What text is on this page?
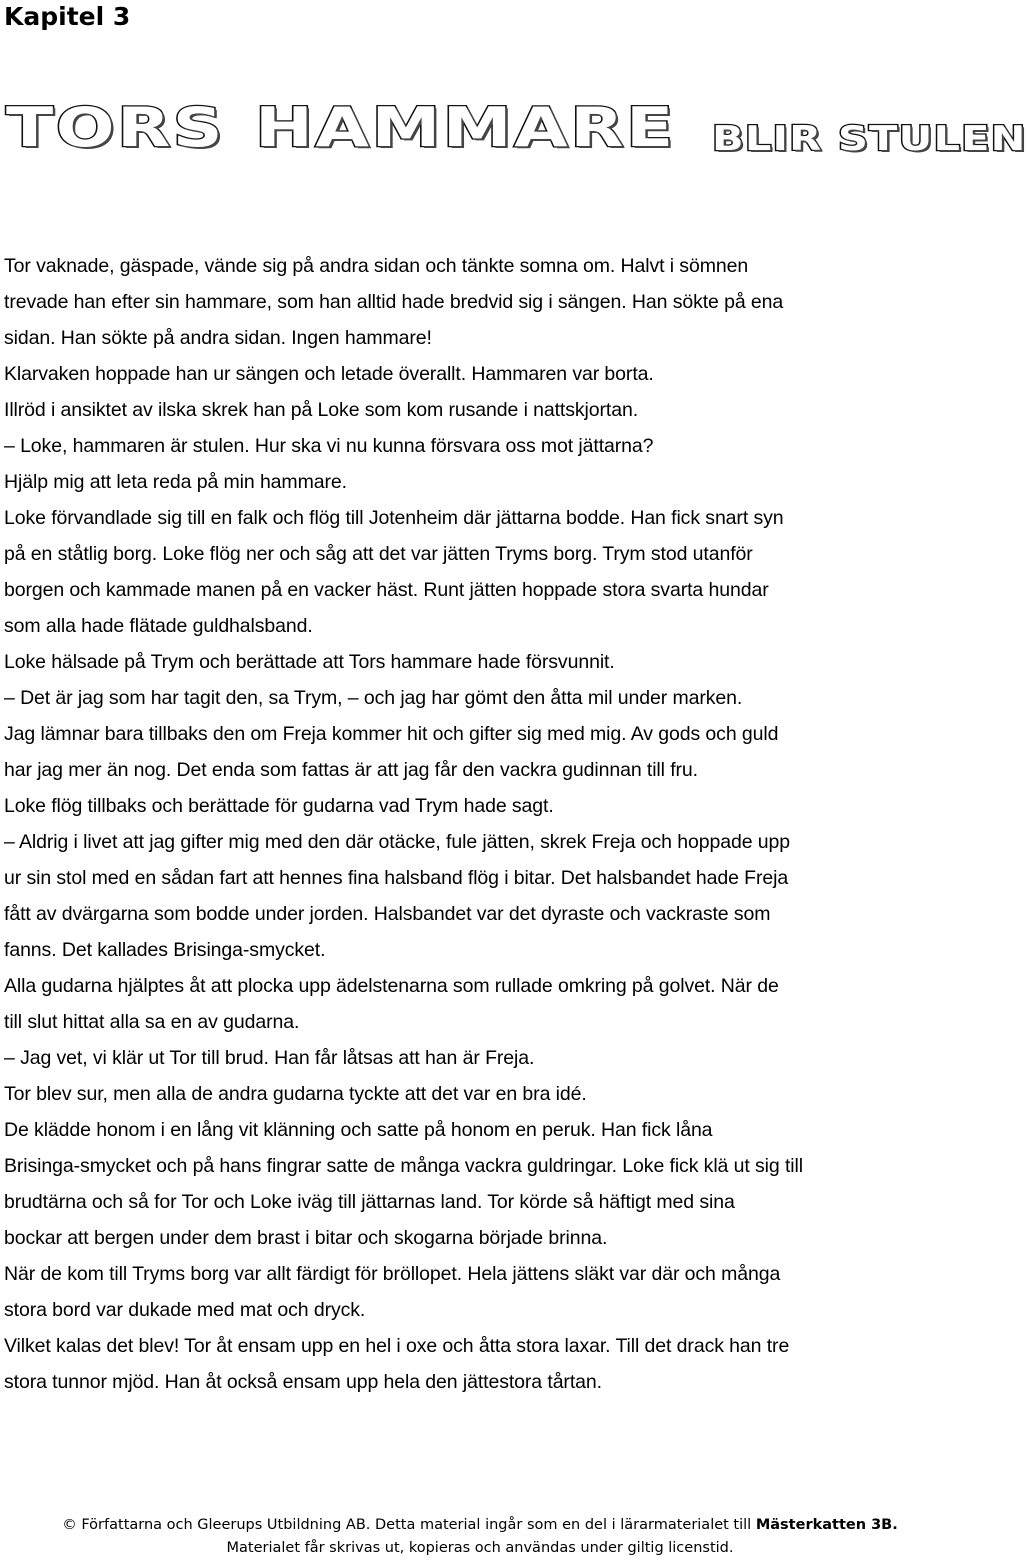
Kapitel 3
TORS HAMMARE BLIR STULEN

Tor vaknade, gäspade, vände sig på andra sidan och tänkte somna om. Halvt i sömnen

trevade han efter sin hammare, som han alltid hade bredvid sig i sängen. Han sökte på ena

sidan. Han sökte på andra sidan. Ingen hammare!

Klarvaken hoppade han ur sängen och letade överallt. Hammaren var borta.

Illröd i ansiktet av ilska skrek han på Loke som kom rusande i nattskjortan.

– Loke, hammaren är stulen. Hur ska vi nu kunna försvara oss mot jättarna?

Hjälp mig att leta reda på min hammare.

Loke förvandlade sig till en falk och flög till Jotenheim där jättarna bodde. Han fick snart syn

på en ståtlig borg. Loke flög ner och såg att det var jätten Tryms borg. Trym stod utanför

borgen och kammade manen på en vacker häst. Runt jätten hoppade stora svarta hundar

som alla hade flätade guldhalsband.

Loke hälsade på Trym och berättade att Tors hammare hade försvunnit.

– Det är jag som har tagit den, sa Trym, – och jag har gömt den åtta mil under marken.

Jag lämnar bara tillbaks den om Freja kommer hit och gifter sig med mig. Av gods och guld

har jag mer än nog. Det enda som fattas är att jag får den vackra gudinnan till fru.

Loke flög tillbaks och berättade för gudarna vad Trym hade sagt.

– Aldrig i livet att jag gifter mig med den där otäcke, fule jätten, skrek Freja och hoppade upp

ur sin stol med en sådan fart att hennes fina halsband flög i bitar. Det halsbandet hade Freja

fått av dvärgarna som bodde under jorden. Halsbandet var det dyraste och vackraste som

fanns. Det kallades Brisinga-smycket.

Alla gudarna hjälptes åt att plocka upp ädelstenarna som rullade omkring på golvet. När de

till slut hittat alla sa en av gudarna.

– Jag vet, vi klär ut Tor till brud. Han får låtsas att han är Freja.

Tor blev sur, men alla de andra gudarna tyckte att det var en bra idé.

De klädde honom i en lång vit klänning och satte på honom en peruk. Han fick låna

Brisinga-smycket och på hans fingrar satte de många vackra guldringar. Loke fick klä ut sig till

brudtärna och så for Tor och Loke iväg till jättarnas land. Tor körde så häftigt med sina

bockar att bergen under dem brast i bitar och skogarna började brinna.

När de kom till Tryms borg var allt färdigt för bröllopet. Hela jättens släkt var där och många

stora bord var dukade med mat och dryck.

Vilket kalas det blev! Tor åt ensam upp en hel i oxe och åtta stora laxar. Till det drack han tre

stora tunnor mjöd. Han åt också ensam upp hela den jättestora tårtan.

© Författarna och Gleerups Utbildning AB. Detta material ingår som en del i lärarmaterialet till Mästerkatten 3B.
Materialet får skrivas ut, kopieras och användas under giltig licenstid.
